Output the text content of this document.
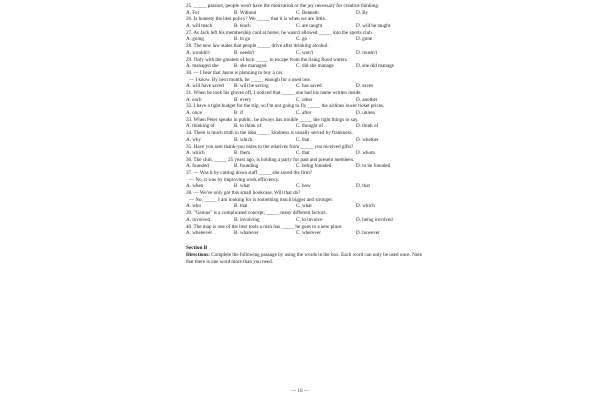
25. _____ passion, people won't have the motivation or the joy necessary for creative thinking.
A. For	B. Without	C. Beneath	D. By
26. Is honesty the best policy? We _____ that it is when we are little.
A. will teach	B. teach	C. are taught	D. will be taught
27. As Jack left his membership card at home, he wasn't allowed _____ into the sports club.
A. going	B. to go	C. go	D. gone
28. The new law states that people _____ drive after drinking alcohol.
A. wouldn't	B. needn't	C. won't	D. mustn't
29. Only with the greatest of luck _____ to escape from the rising flood waters.
A. managed she	B. she managed	C. did she manage	D. she did manage
30. — I hear that Jason is planning to buy a car.
— I know. By next month, he _____ enough for a used one.
A. will have saved B. will be saving	C. has saved	D. saves
31. When he took his gloves off, I noticed that _____ one had his name written inside.
A. each	B. every	C. other	D. another
32. I have a tight budget for the trip, so I'm not going to fly _____ the airlines lower ticket prices.
A. once	B. if	C. after	D. unless
33. When Peter speaks in public, he always has trouble _____ the right things to say.
A. thinking of	B. to think of	C. thought of	D. think of
34. There is much truth in the idea _____ kindness is usually served by frankness.
A. why	B. which	C. that	D. whether
35. Have you sent thank-you notes to the relatives from _____ you received gifts?
A. which	B. them	C. that	D. whom
36. The club, _____ 25 years ago, is holding a party for past and present members.
A. founded	B. founding	C. being founded	D. to be founded
37. — Was it by cutting down staff _____ she saved the firm?
— No, it was by improving work efficiency.
A. when	B. what	C. how	D. that
38. — We've only got this small bookcase. Will that do?
— No, _____ I am looking for is something much bigger and stronger.
A. who	B. that	C. what	D. which
39. "Genius" is a complicated concept, _____ many different factors.
A. involved	B. involving	C. to involve	D. being involved
40. The map is one of the best tools a man has _____ he goes to a new place.
A. whenever	B. whatever	C. wherever	D. however
Section B
Directions: Complete the following passage by using the words in the box. Each word can only be used once. Note that there is one word more than you need.
— 18 —
